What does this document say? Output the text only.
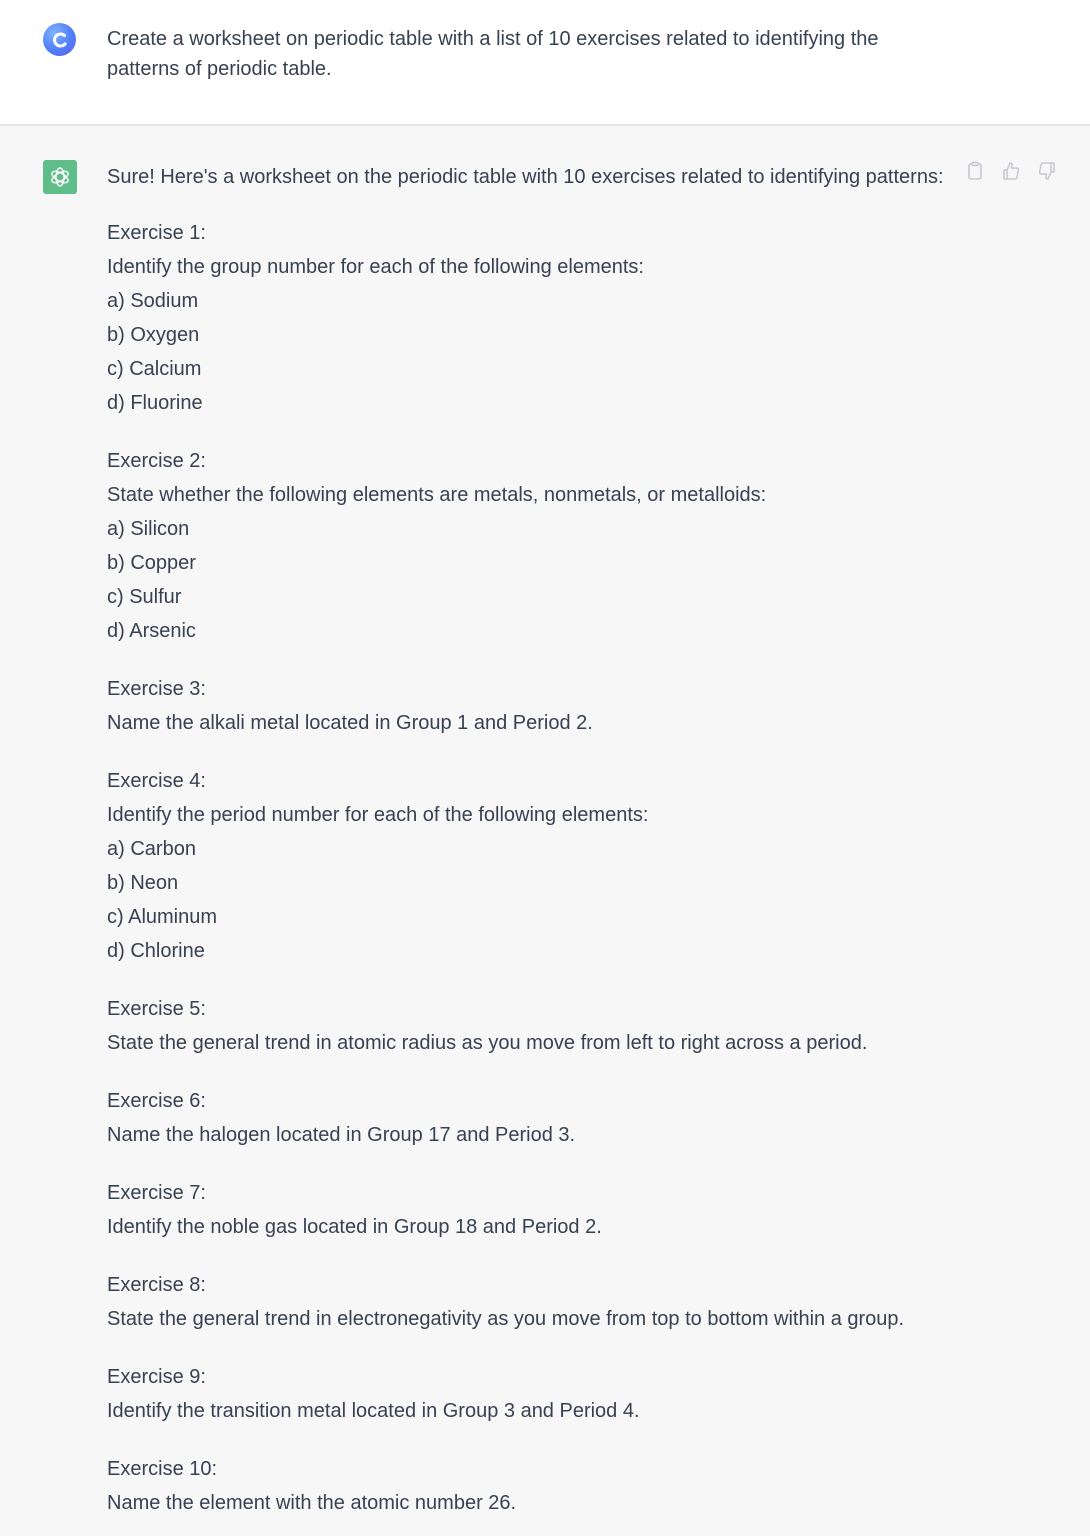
Create a worksheet on periodic table with a list of 10 exercises related to identifying the patterns of periodic table.
Sure! Here's a worksheet on the periodic table with 10 exercises related to identifying patterns:
Exercise 1:
Identify the group number for each of the following elements:
a) Sodium
b) Oxygen
c) Calcium
d) Fluorine
Exercise 2:
State whether the following elements are metals, nonmetals, or metalloids:
a) Silicon
b) Copper
c) Sulfur
d) Arsenic
Exercise 3:
Name the alkali metal located in Group 1 and Period 2.
Exercise 4:
Identify the period number for each of the following elements:
a) Carbon
b) Neon
c) Aluminum
d) Chlorine
Exercise 5:
State the general trend in atomic radius as you move from left to right across a period.
Exercise 6:
Name the halogen located in Group 17 and Period 3.
Exercise 7:
Identify the noble gas located in Group 18 and Period 2.
Exercise 8:
State the general trend in electronegativity as you move from top to bottom within a group.
Exercise 9:
Identify the transition metal located in Group 3 and Period 4.
Exercise 10:
Name the element with the atomic number 26.
